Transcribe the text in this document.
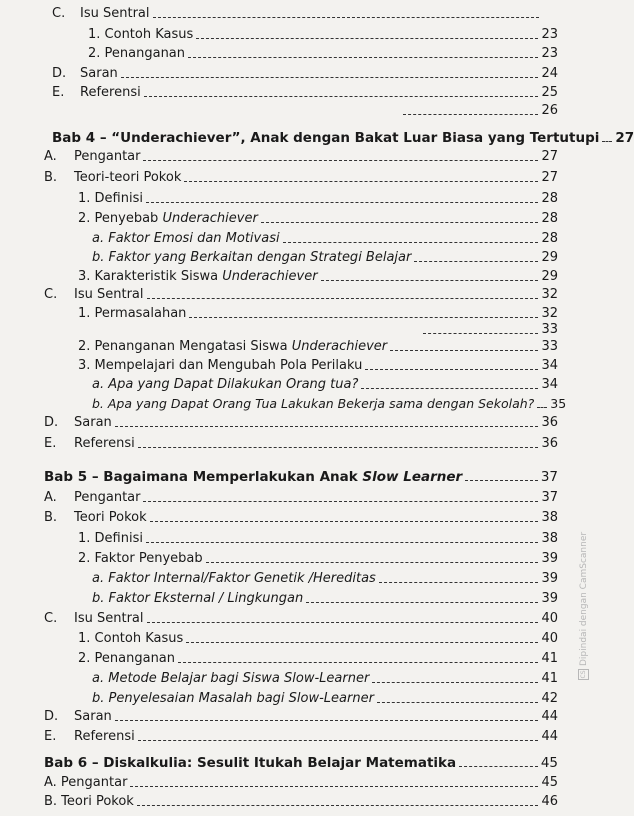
C.	Isu Sentral
1. Contoh Kasus	23
2. Penanganan	23
D.	Saran	24
E.	Referensi	25
26
Bab 4 – “Underachiever”, Anak dengan Bakat Luar Biasa yang Tertutupi 27
A.	Pengantar	27
B.	Teori-teori Pokok	27
1. Definisi	28
2. Penyebab Underachiever	28
a. Faktor Emosi dan Motivasi	28
b. Faktor yang Berkaitan dengan Strategi Belajar	29
3. Karakteristik Siswa Underachiever	29
C.	Isu Sentral	32
1. Permasalahan	32
33
2. Penanganan Mengatasi Siswa Underachiever	33
3. Mempelajari dan Mengubah Pola Perilaku	34
a. Apa yang Dapat Dilakukan Orang tua?	34
b. Apa yang Dapat Orang Tua Lakukan Bekerja sama dengan Sekolah? 35
D.	Saran	36
E.	Referensi	36
Bab 5 – Bagaimana Memperlakukan Anak Slow Learner	37
A.	Pengantar	37
B.	Teori Pokok	38
1. Definisi	38
2. Faktor Penyebab	39
a. Faktor Internal/Faktor Genetik /Hereditas	39
b. Faktor Eksternal / Lingkungan	39
C.	Isu Sentral	40
1. Contoh Kasus	40
2. Penanganan	41
a. Metode Belajar bagi Siswa Slow-Learner	41
b. Penyelesaian Masalah bagi Slow-Learner	42
D.	Saran	44
E.	Referensi	44
Bab 6 – Diskalkulia: Sesulit Itukah Belajar Matematika	45
A. Pengantar	45
B. Teori Pokok	46
CS
Dipindai dengan CamScanner
